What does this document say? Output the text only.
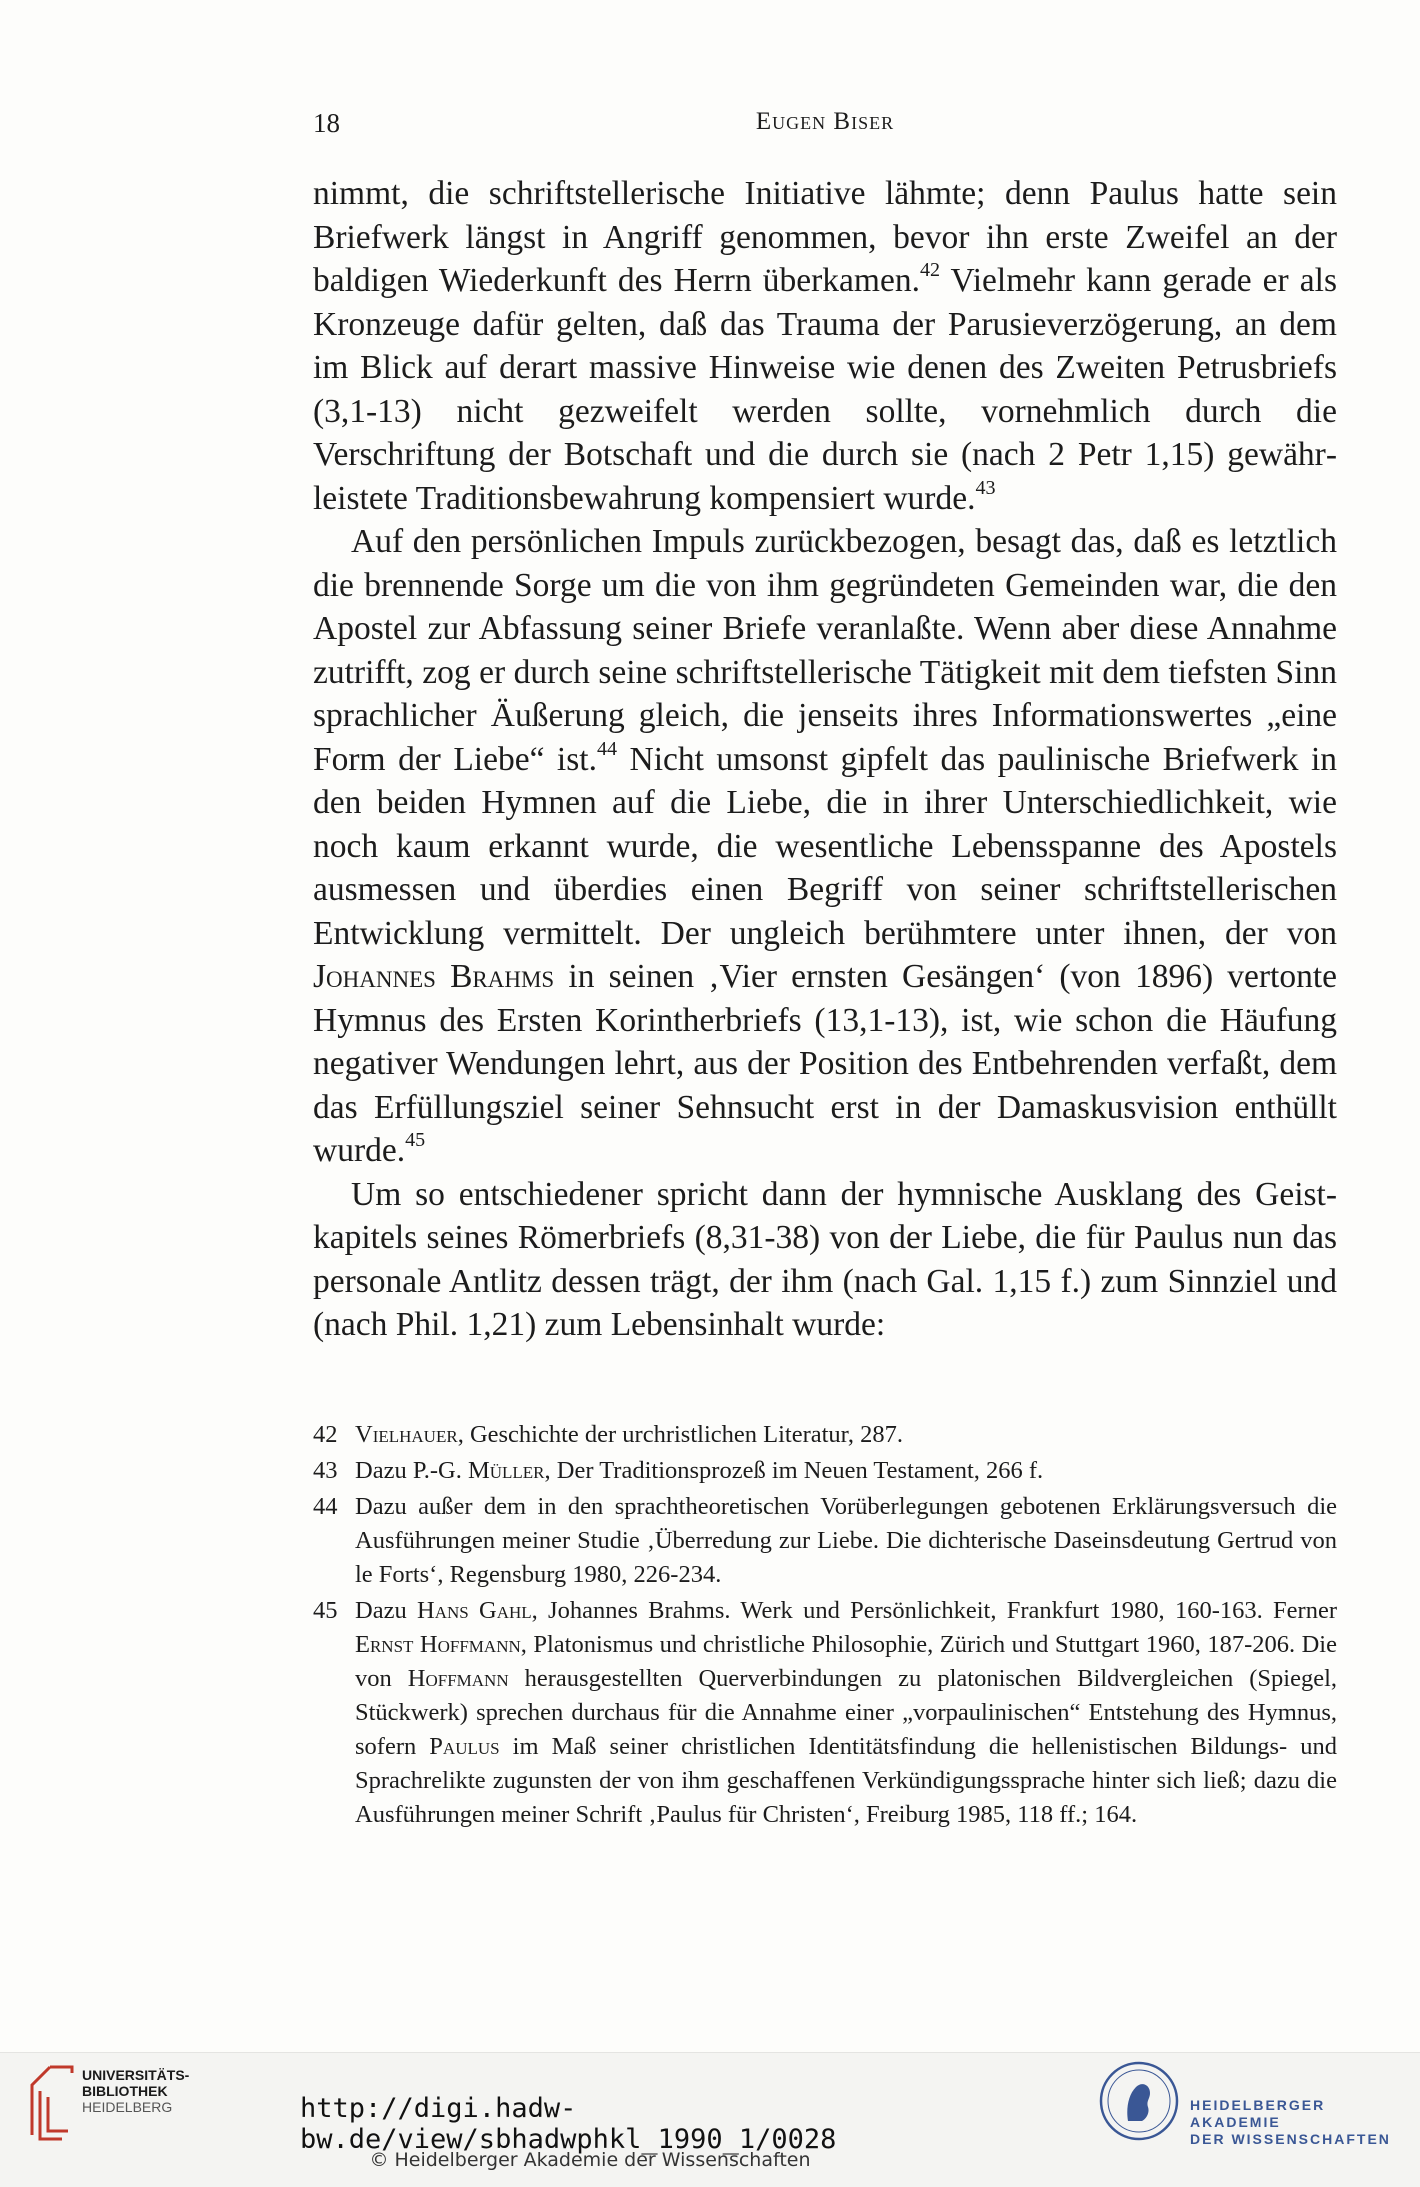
18	Eugen Biser

nimmt, die schriftstellerische Initiative lähmte; denn Paulus hatte sein Briefwerk längst in Angriff genommen, bevor ihn erste Zweifel an der baldigen Wiederkunft des Herrn überkamen.$^{42}$ Vielmehr kann gerade er als Kronzeuge dafür gelten, daß das Trauma der Parusieverzögerung, an dem im Blick auf derart massive Hinweise wie denen des Zweiten Petrusbriefs (3,1-13) nicht gezweifelt werden sollte, vornehmlich durch die Verschriftung der Botschaft und die durch sie (nach 2 Petr 1,15) gewährleistete Traditionsbewahrung kompensiert wurde.$^{43}$

Auf den persönlichen Impuls zurückbezogen, besagt das, daß es letztlich die brennende Sorge um die von ihm gegründeten Gemeinden war, die den Apostel zur Abfassung seiner Briefe veranlaßte. Wenn aber diese Annahme zutrifft, zog er durch seine schriftstellerische Tätigkeit mit dem tiefsten Sinn sprachlicher Äußerung gleich, die jenseits ihres Informationswertes „eine Form der Liebe“ ist.$^{44}$ Nicht umsonst gipfelt das paulinische Briefwerk in den beiden Hymnen auf die Liebe, die in ihrer Unterschiedlichkeit, wie noch kaum erkannt wurde, die wesentliche Lebensspanne des Apostels ausmessen und überdies einen Begriff von seiner schriftstellerischen Entwicklung vermittelt. Der ungleich berühmtere unter ihnen, der von Johannes Brahms in seinen ‚Vier ernsten Gesängen‘ (von 1896) vertonte Hymnus des Ersten Korintherbriefs (13,1-13), ist, wie schon die Häufung negativer Wendungen lehrt, aus der Position des Entbehrenden verfaßt, dem das Erfüllungsziel seiner Sehnsucht erst in der Damaskusvision enthüllt wurde.$^{45}$

Um so entschiedener spricht dann der hymnische Ausklang des Geistkapitels seines Römerbriefs (8,31-38) von der Liebe, die für Paulus nun das personale Antlitz dessen trägt, der ihm (nach Gal. 1,15 f.) zum Sinnziel und (nach Phil. 1,21) zum Lebensinhalt wurde:

42 Vielhauer, Geschichte der urchristlichen Literatur, 287.
43 Dazu P.-G. Müller, Der Traditionsprozeß im Neuen Testament, 266 f.
44 Dazu außer dem in den sprachtheoretischen Vorüberlegungen gebotenen Erklärungsversuch die Ausführungen meiner Studie ‚Überredung zur Liebe. Die dichterische Daseinsdeutung Gertrud von le Forts‘, Regensburg 1980, 226-234.
45 Dazu Hans Gahl, Johannes Brahms. Werk und Persönlichkeit, Frankfurt 1980, 160-163. Ferner Ernst Hoffmann, Platonismus und christliche Philosophie, Zürich und Stuttgart 1960, 187-206. Die von Hoffmann herausgestellten Querverbindungen zu platonischen Bildvergleichen (Spiegel, Stückwerk) sprechen durchaus für die Annahme einer „vorpaulinischen“ Entstehung des Hymnus, sofern Paulus im Maß seiner christlichen Identitätsfindung die hellenistischen Bildungs- und Sprachrelikte zugunsten der von ihm geschaffenen Verkündigungssprache hinter sich ließ; dazu die Ausführungen meiner Schrift ‚Paulus für Christen‘, Freiburg 1985, 118 ff.; 164.
UNIVERSITÄTS-
BIBLIOTHEK
HEIDELBERG	http://digi.hadw-bw.de/view/sbhadwphkl_1990_1/0028
© Heidelberger Akademie der Wissenschaften
HEIDELBERGER AKADEMIE
DER WISSENSCHAFTEN
